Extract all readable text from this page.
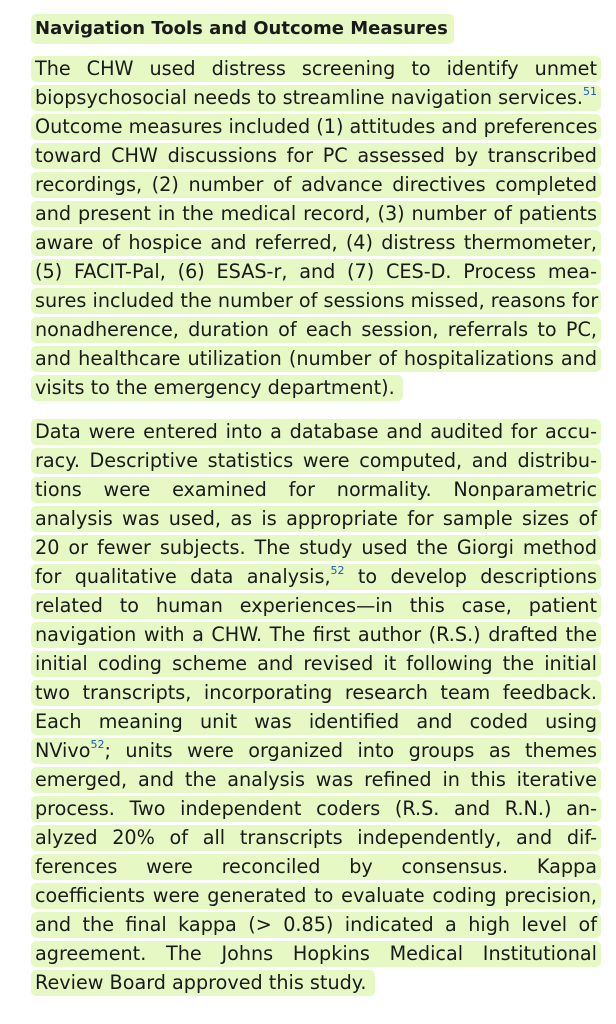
Navigation Tools and Outcome Measures
The CHW used distress screening to identify unmet
biopsychosocial needs to streamline navigation services.$^{51}$
Outcome measures included (1) attitudes and preferences
toward CHW discussions for PC assessed by transcribed
recordings, (2) number of advance directives completed
and present in the medical record, (3) number of patients
aware of hospice and referred, (4) distress thermometer,
(5) FACIT-Pal, (6) ESAS-r, and (7) CES-D. Process mea-
sures included the number of sessions missed, reasons for
nonadherence, duration of each session, referrals to PC,
and healthcare utilization (number of hospitalizations and
visits to the emergency department).
Data were entered into a database and audited for accu-
racy. Descriptive statistics were computed, and distribu-
tions were examined for normality. Nonparametric
analysis was used, as is appropriate for sample sizes of
20 or fewer subjects. The study used the Giorgi method
for qualitative data analysis,$^{52}$ to develop descriptions
related to human experiences—in this case, patient
navigation with a CHW. The first author (R.S.) drafted the
initial coding scheme and revised it following the initial
two transcripts, incorporating research team feedback.
Each meaning unit was identified and coded using
NVivo$^{52}$; units were organized into groups as themes
emerged, and the analysis was refined in this iterative
process. Two independent coders (R.S. and R.N.) an-
alyzed 20% of all transcripts independently, and dif-
ferences were reconciled by consensus. Kappa
coefficients were generated to evaluate coding precision,
and the final kappa (> 0.85) indicated a high level of
agreement. The Johns Hopkins Medical Institutional
Review Board approved this study.
